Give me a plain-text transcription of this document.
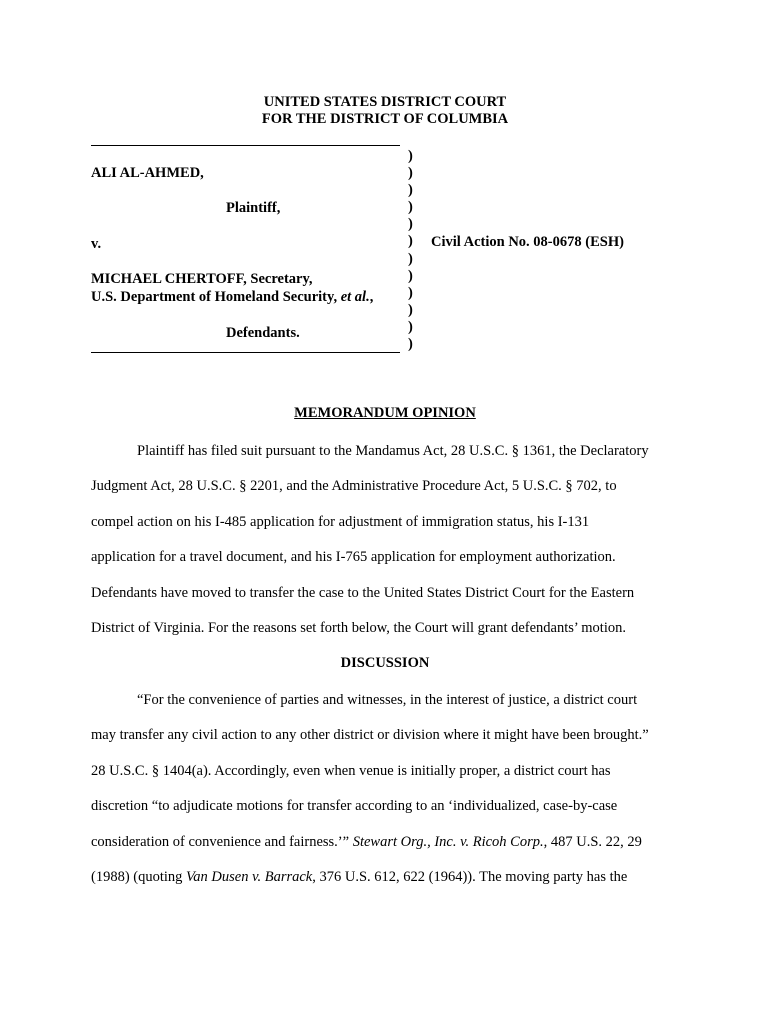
UNITED STATES DISTRICT COURT
FOR THE DISTRICT OF COLUMBIA
)
)
)
)
)
)
)
)
)
)
)
)
ALI AL-AHMED,
Plaintiff,
v.
MICHAEL CHERTOFF, Secretary,
U.S. Department of Homeland Security, et al.,
Defendants.
Civil Action No. 08-0678 (ESH)
MEMORANDUM OPINION
Plaintiff has filed suit pursuant to the Mandamus Act, 28 U.S.C. § 1361, the Declaratory
Judgment Act, 28 U.S.C. § 2201, and the Administrative Procedure Act, 5 U.S.C. § 702, to
compel action on his I-485 application for adjustment of immigration status, his I-131
application for a travel document, and his I-765 application for employment authorization.
Defendants have moved to transfer the case to the United States District Court for the Eastern
District of Virginia. For the reasons set forth below, the Court will grant defendants’ motion.
DISCUSSION
“For the convenience of parties and witnesses, in the interest of justice, a district court
may transfer any civil action to any other district or division where it might have been brought.”
28 U.S.C. § 1404(a). Accordingly, even when venue is initially proper, a district court has
discretion “to adjudicate motions for transfer according to an ‘individualized, case-by-case
consideration of convenience and fairness.’” Stewart Org., Inc. v. Ricoh Corp., 487 U.S. 22, 29
(1988) (quoting Van Dusen v. Barrack, 376 U.S. 612, 622 (1964)). The moving party has the
